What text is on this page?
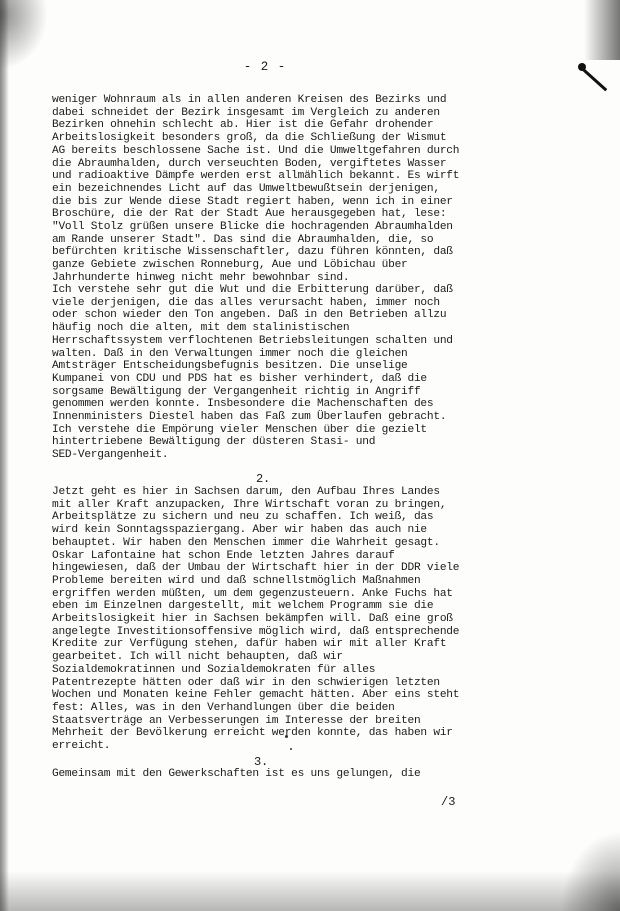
- 2 -
weniger Wohnraum als in allen anderen Kreisen des Bezirks und
dabei schneidet der Bezirk insgesamt im Vergleich zu anderen
Bezirken ohnehin schlecht ab. Hier ist die Gefahr drohender
Arbeitslosigkeit besonders groß, da die Schließung der Wismut
AG bereits beschlossene Sache ist. Und die Umweltgefahren durch
die Abraumhalden, durch verseuchten Boden, vergiftetes Wasser
und radioaktive Dämpfe werden erst allmählich bekannt. Es wirft
ein bezeichnendes Licht auf das Umweltbewußtsein derjenigen,
die bis zur Wende diese Stadt regiert haben, wenn ich in einer
Broschüre, die der Rat der Stadt Aue herausgegeben hat, lese:
"Voll Stolz grüßen unsere Blicke die hochragenden Abraumhalden
am Rande unserer Stadt". Das sind die Abraumhalden, die, so
befürchten kritische Wissenschaftler, dazu führen könnten, daß
ganze Gebiete zwischen Ronneburg, Aue und Löbichau über
Jahrhunderte hinweg nicht mehr bewohnbar sind.
Ich verstehe sehr gut die Wut und die Erbitterung darüber, daß
viele derjenigen, die das alles verursacht haben, immer noch
oder schon wieder den Ton angeben. Daß in den Betrieben allzu
häufig noch die alten, mit dem stalinistischen
Herrschaftssystem verflochtenen Betriebsleitungen schalten und
walten. Daß in den Verwaltungen immer noch die gleichen
Amtsträger Entscheidungsbefugnis besitzen. Die unselige
Kumpanei von CDU und PDS hat es bisher verhindert, daß die
sorgsame Bewältigung der Vergangenheit richtig in Angriff
genommen werden konnte. Insbesondere die Machenschaften des
Innenministers Diestel haben das Faß zum Überlaufen gebracht.
Ich verstehe die Empörung vieler Menschen über die gezielt
hintertriebene Bewältigung der düsteren Stasi- und
SED-Vergangenheit.
2.
Jetzt geht es hier in Sachsen darum, den Aufbau Ihres Landes
mit aller Kraft anzupacken, Ihre Wirtschaft voran zu bringen,
Arbeitsplätze zu sichern und neu zu schaffen. Ich weiß, das
wird kein Sonntagsspaziergang. Aber wir haben das auch nie
behauptet. Wir haben den Menschen immer die Wahrheit gesagt.
Oskar Lafontaine hat schon Ende letzten Jahres darauf
hingewiesen, daß der Umbau der Wirtschaft hier in der DDR viele
Probleme bereiten wird und daß schnellstmöglich Maßnahmen
ergriffen werden müßten, um dem gegenzusteuern. Anke Fuchs hat
eben im Einzelnen dargestellt, mit welchem Programm sie die
Arbeitslosigkeit hier in Sachsen bekämpfen will. Daß eine groß
angelegte Investitionsoffensive möglich wird, daß entsprechende
Kredite zur Verfügung stehen, dafür haben wir mit aller Kraft
gearbeitet. Ich will nicht behaupten, daß wir
Sozialdemokratinnen und Sozialdemokraten für alles
Patentrezepte hätten oder daß wir in den schwierigen letzten
Wochen und Monaten keine Fehler gemacht hätten. Aber eins steht
fest: Alles, was in den Verhandlungen über die beiden
Staatsverträge an Verbesserungen im Interesse der breiten
Mehrheit der Bevölkerung erreicht werden konnte, das haben wir
erreicht.
3.
Gemeinsam mit den Gewerkschaften ist es uns gelungen, die
/3
